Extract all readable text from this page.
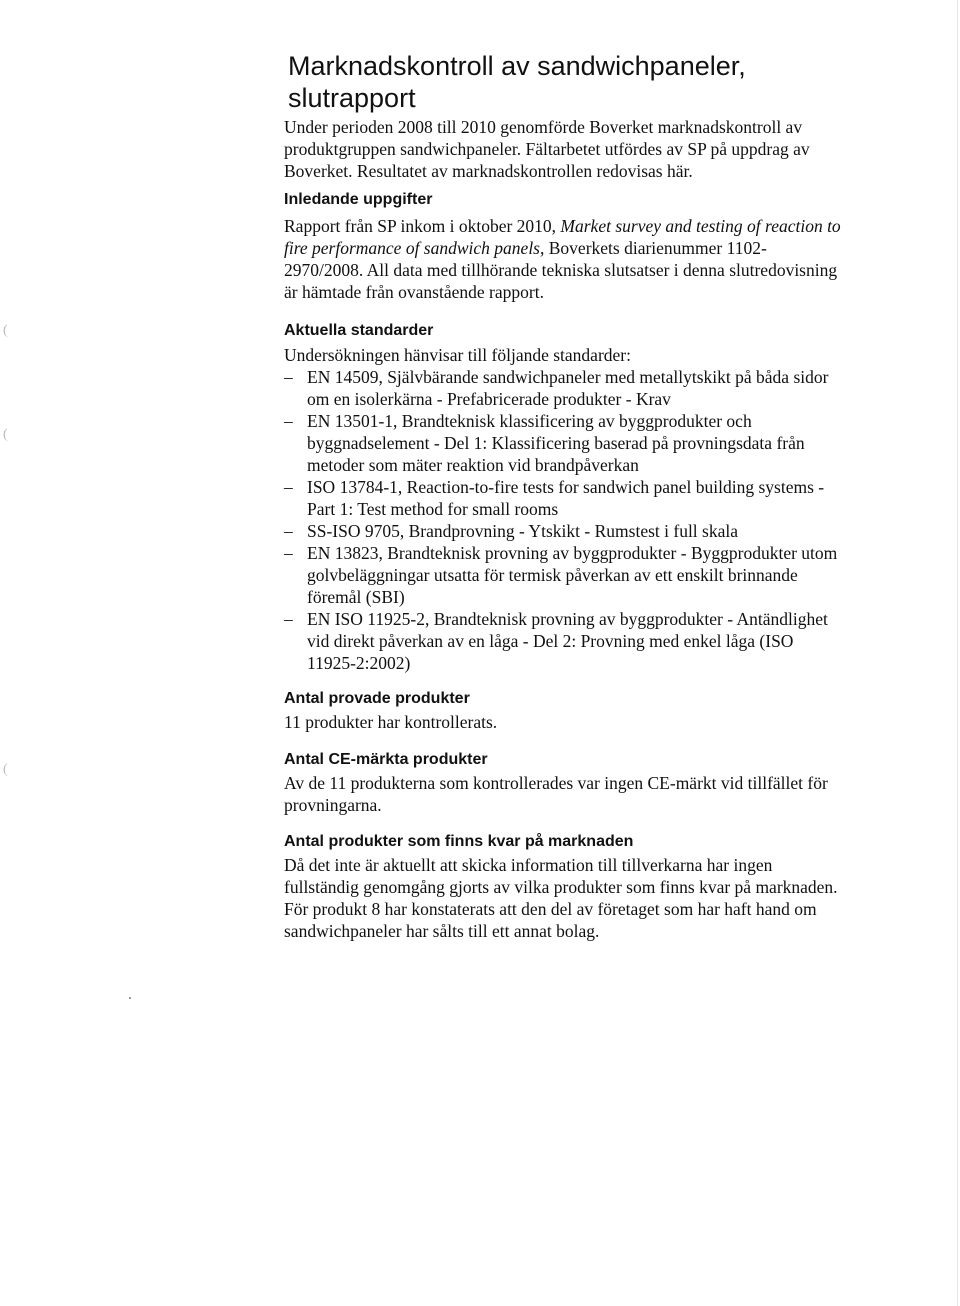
(
(
(
Marknadskontroll av sandwichpaneler, slutrapport

Under perioden 2008 till 2010 genomförde Boverket marknadskontroll av produktgruppen sandwichpaneler. Fältarbetet utfördes av SP på uppdrag av Boverket. Resultatet av marknadskontrollen redovisas här.

Inledande uppgifter

Rapport från SP inkom i oktober 2010, Market survey and testing of reaction to fire performance of sandwich panels, Boverkets diarienummer 1102-2970/2008. All data med tillhörande tekniska slutsatser i denna slutredovisning är hämtade från ovanstående rapport.

Aktuella standarder

Undersökningen hänvisar till följande standarder:

– EN 14509, Självbärande sandwichpaneler med metallytskikt på båda sidor om en isolerkärna - Prefabricerade produkter - Krav
– EN 13501-1, Brandteknisk klassificering av byggprodukter och byggnadselement - Del 1: Klassificering baserad på provningsdata från metoder som mäter reaktion vid brandpåverkan
– ISO 13784-1, Reaction-to-fire tests for sandwich panel building systems - Part 1: Test method for small rooms
– SS-ISO 9705, Brandprovning - Ytskikt - Rumstest i full skala
– EN 13823, Brandteknisk provning av byggprodukter - Byggprodukter utom golvbeläggningar utsatta för termisk påverkan av ett enskilt brinnande föremål (SBI)
– EN ISO 11925-2, Brandteknisk provning av byggprodukter - Antändlighet vid direkt påverkan av en låga - Del 2: Provning med enkel låga (ISO 11925-2:2002)
Antal provade produkter

11 produkter har kontrollerats.

Antal CE-märkta produkter

Av de 11 produkterna som kontrollerades var ingen CE-märkt vid tillfället för provningarna.

Antal produkter som finns kvar på marknaden

Då det inte är aktuellt att skicka information till tillverkarna har ingen fullständig genomgång gjorts av vilka produkter som finns kvar på marknaden. För produkt 8 har konstaterats att den del av företaget som har haft hand om sandwichpaneler har sålts till ett annat bolag.
